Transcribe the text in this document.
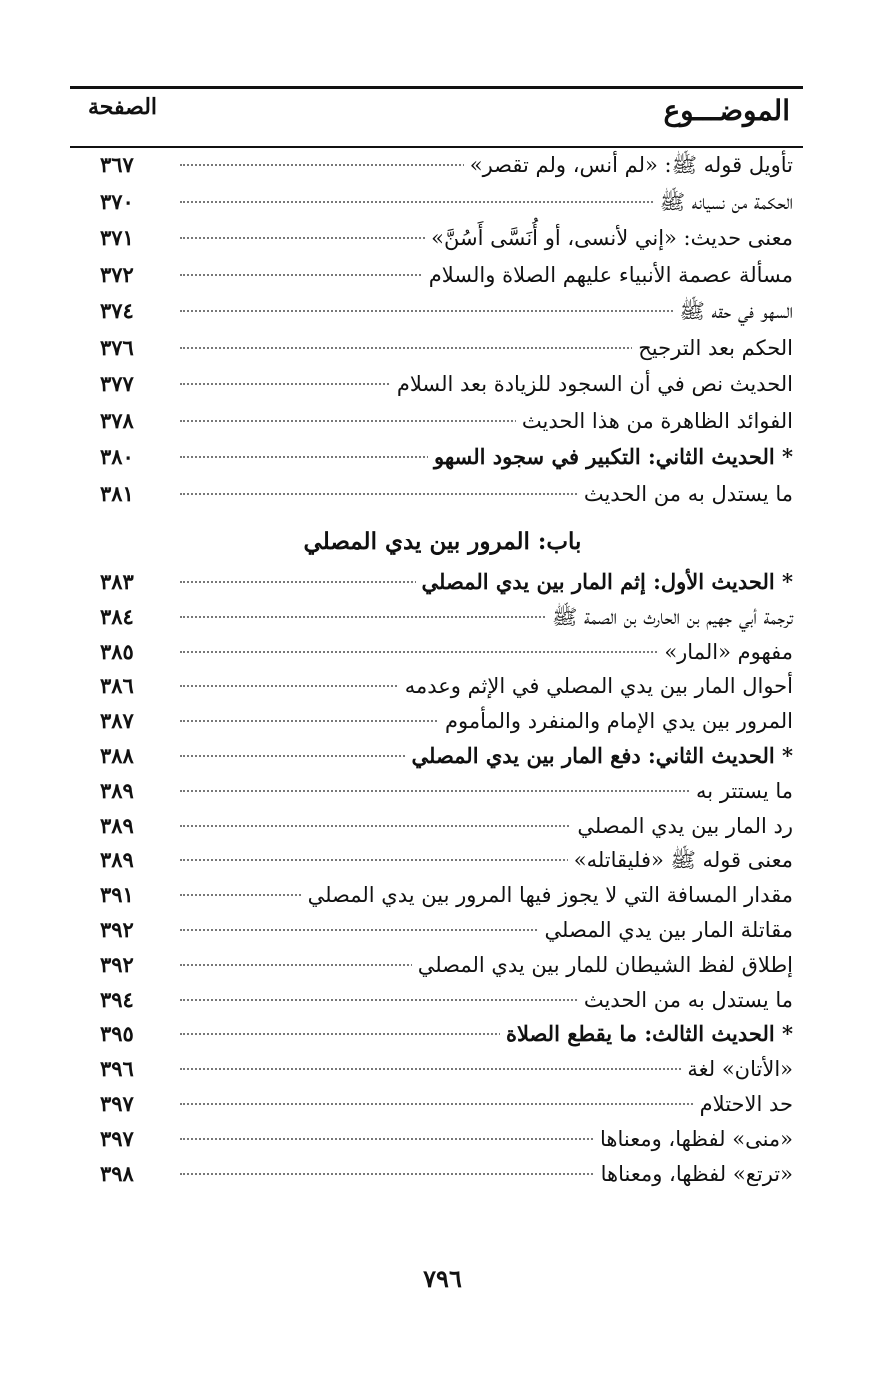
الموضـــوع
الصفحة
تأويل قوله ﷺ: «لم أنس، ولم تقصر»
٣٦٧
الحكمة من نسيانه ﷺ
٣٧٠
معنى حديث: «إني لأنسى، أو أُنَسَّى أَسُنَّ»
٣٧١
مسألة عصمة الأنبياء عليهم الصلاة والسلام
٣٧٢
السهو في حقه ﷺ
٣٧٤
الحكم بعد الترجيح
٣٧٦
الحديث نص في أن السجود للزيادة بعد السلام
٣٧٧
الفوائد الظاهرة من هذا الحديث
٣٧٨
* الحديث الثاني: التكبير في سجود السهو
٣٨٠
ما يستدل به من الحديث
٣٨١
* الحديث الأول: إثم المار بين يدي المصلي
٣٨٣
ترجمة أبي جهيم بن الحارث بن الصمة ﷺ
٣٨٤
مفهوم «المار»
٣٨٥
أحوال المار بين يدي المصلي في الإثم وعدمه
٣٨٦
المرور بين يدي الإمام والمنفرد والمأموم
٣٨٧
* الحديث الثاني: دفع المار بين يدي المصلي
٣٨٨
ما يستتر به
٣٨٩
رد المار بين يدي المصلي
٣٨٩
معنى قوله ﷺ «فليقاتله»
٣٨٩
مقدار المسافة التي لا يجوز فيها المرور بين يدي المصلي
٣٩١
مقاتلة المار بين يدي المصلي
٣٩٢
إطلاق لفظ الشيطان للمار بين يدي المصلي
٣٩٢
ما يستدل به من الحديث
٣٩٤
* الحديث الثالث: ما يقطع الصلاة
٣٩٥
«الأتان» لغة
٣٩٦
حد الاحتلام
٣٩٧
«منى» لفظها، ومعناها
٣٩٧
«ترتع» لفظها، ومعناها
٣٩٨
باب: المرور بين يدي المصلي
٧٩٦
